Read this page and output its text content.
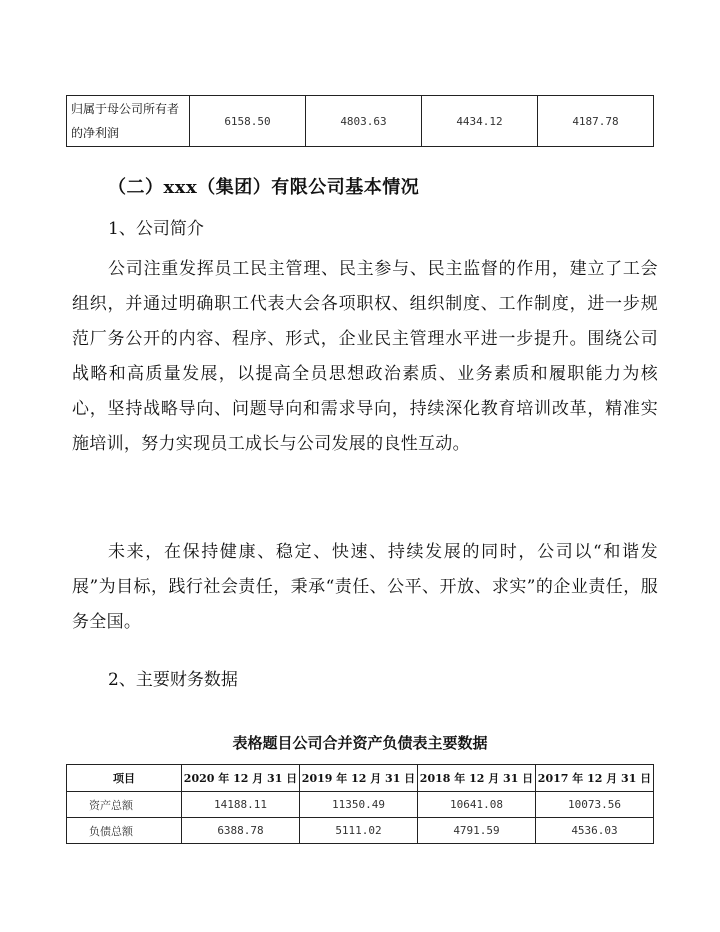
归属于母公司所有者的净利润	6158.50	4803.63	4434.12	4187.78
（二）xxx（集团）有限公司基本情况
1、公司简介

公司注重发挥员工民主管理、民主参与、民主监督的作用，建立了工会组织，并通过明确职工代表大会各项职权、组织制度、工作制度，进一步规范厂务公开的内容、程序、形式，企业民主管理水平进一步提升。围绕公司战略和高质量发展，以提高全员思想政治素质、业务素质和履职能力为核心，坚持战略导向、问题导向和需求导向，持续深化教育培训改革，精准实施培训，努力实现员工成长与公司发展的良性互动。

未来，在保持健康、稳定、快速、持续发展的同时，公司以“和谐发展”为目标，践行社会责任，秉承“责任、公平、开放、求实”的企业责任，服务全国。

2、主要财务数据
表格题目公司合并资产负债表主要数据
项目	2020 年 12 月 31 日	2019 年 12 月 31 日	2018 年 12 月 31 日	2017 年 12 月 31 日
资产总额	14188.11	11350.49	10641.08	10073.56
负债总额	6388.78	5111.02	4791.59	4536.03
